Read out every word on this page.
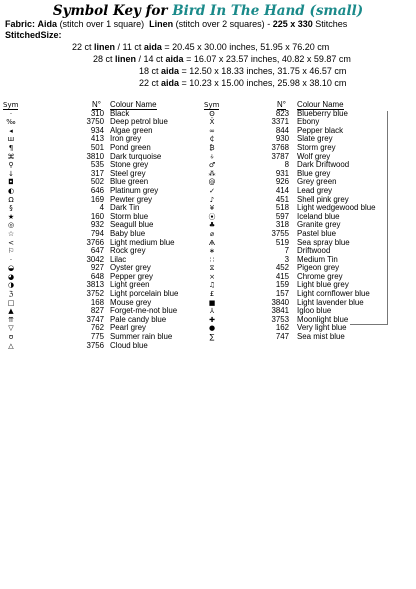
Symbol Key for Bird In The Hand (small)
Fabric: Aida (stitch over 1 square) Linen (stitch over 2 squares) - 225 x 330 Stitches
StitchedSize:
22 ct linen / 11 ct aida = 20.45 x 30.00 inches, 51.95 x 76.20 cm
28 ct linen / 14 ct aida = 16.07 x 23.57 inches, 40.82 x 59.87 cm
18 ct aida = 12.50 x 18.33 inches, 31.75 x 46.57 cm
22 ct aida = 10.23 x 15.00 inches, 25.98 x 38.10 cm
Sym	N° Colour Name
·	310 Black
‰	3750 Deep petrol blue
◂	934 Algae green
ш	413 Iron grey
¶	501 Pond green
⌘	3810 Dark turquoise
⚲	535 Stone grey
↓	317 Steel grey
◘	502 Blue green
◐	646 Platinum grey
Ω	169 Pewter grey
§	4 Dark Tin
★	160 Storm blue
◎	932 Seagull blue
☆	794 Baby blue
<	3766 Light medium blue
⚐	647 Rock grey
·	3042 Lilac
◒	927 Oyster grey
◕	648 Pepper grey
◑	3813 Light green
ℨ	3752 Light porcelain blue
□	168 Mouse grey
▲	827 Forget-me-not blue
⇈	3747 Pale candy blue
▽	762 Pearl grey
ʊ	775 Summer rain blue
△	3756 Cloud blue
Sym	N° Colour Name
ʘ	823 Blueberry blue
Ẍ	3371 Ebony
∞	844 Pepper black
₵	930 Slate grey
₿	3768 Storm grey
⍭	3787 Wolf grey
♂	8 Dark Driftwood
⁂	931 Blue grey
@	926 Grey green
✓	414 Lead grey
♪	451 Shell pink grey
¥	518 Light wedgewood blue
⦿	597 Iceland blue
♣	318 Granite grey
⌀	3755 Pastel blue
Ѧ	519 Sea spray blue
∗	7 Driftwood
∷	3 Medium Tin
⧖	452 Pigeon grey
×	415 Chrome grey
♫	159 Light blue grey
£	157 Light cornflower blue
■	3840 Light lavender blue
⅄	3841 Igloo blue
✚	3753 Moonlight blue
●	162 Very light blue
∑	747 Sea mist blue
